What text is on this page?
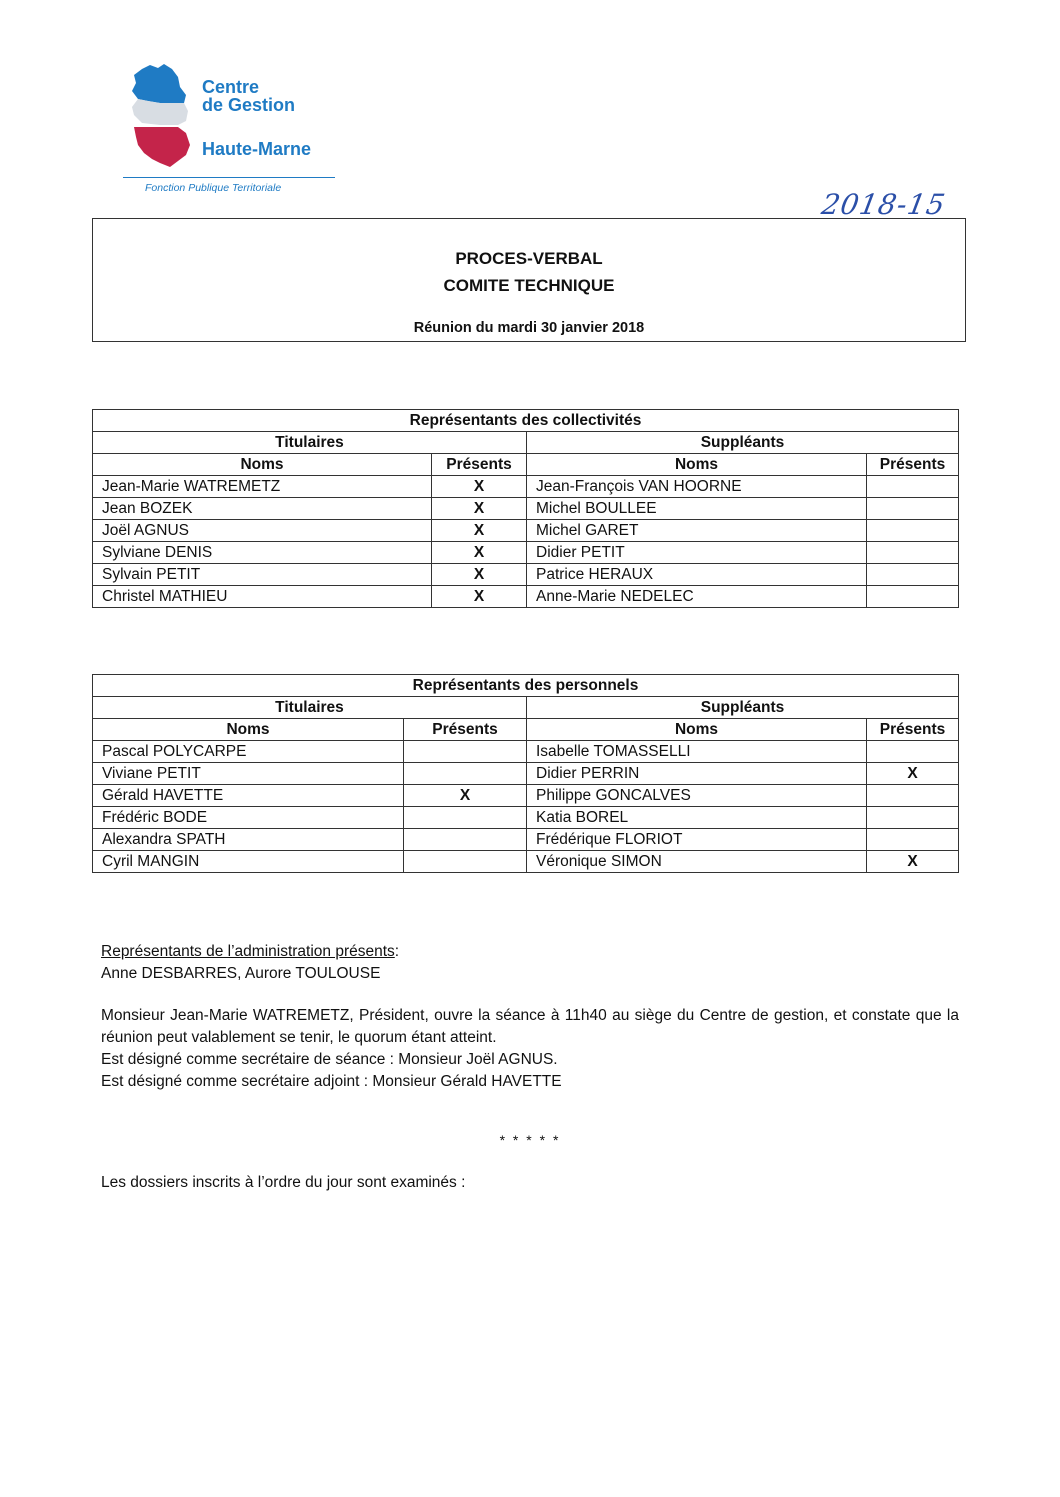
Centre
de Gestion
Haute-Marne
Fonction Publique Territoriale	2018-15
PROCES-VERBAL
COMITE TECHNIQUE
Réunion du mardi 30 janvier 2018
Représentants des collectivités			
Titulaires		Suppléants	
Noms	Présents	Noms	Présents
Jean-Marie WATREMETZ	X	Jean-François VAN HOORNE	
Jean BOZEK	X	Michel BOULLEE	
Joël AGNUS	X	Michel GARET	
Sylviane DENIS	X	Didier PETIT	
Sylvain PETIT	X	Patrice HERAUX	
Christel MATHIEU	X	Anne-Marie NEDELEC	
Représentants des personnels			
Titulaires		Suppléants	
Noms	Présents	Noms	Présents
Pascal POLYCARPE		Isabelle TOMASSELLI	
Viviane PETIT		Didier PERRIN	X
Gérald HAVETTE	X	Philippe GONCALVES	
Frédéric BODE		Katia BOREL	
Alexandra SPATH		Frédérique FLORIOT	
Cyril MANGIN		Véronique SIMON	X
Représentants de l’administration présents:
Anne DESBARRES, Aurore TOULOUSE
Monsieur Jean-Marie WATREMETZ, Président, ouvre la séance à 11h40 au siège du Centre de gestion, et constate que la réunion peut valablement se tenir, le quorum étant atteint.
Est désigné comme secrétaire de séance : Monsieur Joël AGNUS.
Est désigné comme secrétaire adjoint : Monsieur Gérald HAVETTE
* * * * *
Les dossiers inscrits à l’ordre du jour sont examinés :
